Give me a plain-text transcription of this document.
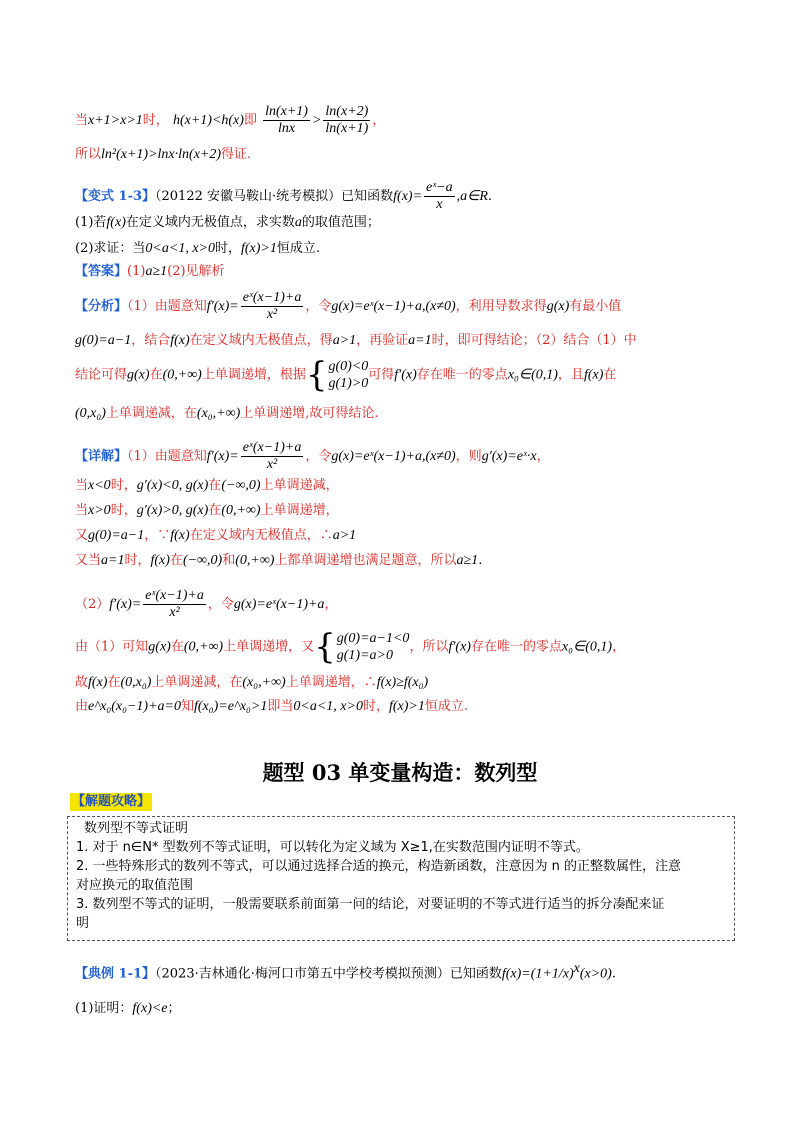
当x+1>x>1时， h(x+1)<h(x)即 $\frac{\ln(x+1)}{\ln x} > \frac{\ln(x+2)}{\ln(x+1)}$ ，
所以ln²(x+1)>lnx·ln(x+2)得证.
【变式 1-3】（20122 安徽马鞍山·统考模拟）已知函数$f(x)= \frac{\text{eˣ−a}}{x}$ ,a∈R.
(1)若f(x)在定义域内无极值点，求实数a的取值范围；
(2)求证：当0<a<1, x>0时，f(x)>1恒成立.
【答案】(1)a≥1(2)见解析
【分析】（1）由题意知$f'(x)= \frac{\text{eˣ(x−1)+a}}{\text{x²}}$ ，令g(x)=eˣ(x−1)+a,(x≠0)，利用导数求得g(x)有最小值
g(0)=a−1，结合f(x)在定义域内无极值点，得a>1，再验证a=1时，即可得结论；（2）结合（1）中
结论可得g(x)在(0,+∞)上单调递增，根据 { g(0)<0
g(1)>0
可得f′(x)存在唯一的零点x₀∈(0,1)，且f(x)在
(0,x₀)上单调递减，在(x₀,+∞)上单调递增,故可得结论.
【详解】（1）由题意知$f'(x)= \frac{\text{eˣ(x−1)+a}}{\text{x²}}$ ，令g(x)=eˣ(x−1)+a,(x≠0)，则g′(x)=eˣ·x，
当x<0时，g′(x)<0, g(x)在(−∞,0)上单调递减，
当x>0时，g′(x)>0, g(x)在(0,+∞)上单调递增，
又g(0)=a−1，∵f(x)在定义域内无极值点，∴a>1
又当a=1时，f(x)在(−∞,0)和(0,+∞)上都单调递增也满足题意，所以a≥1.
$(2)f'(x)= \frac{\text{eˣ(x−1)+a}}{\text{x²}}$ ，令g(x)=eˣ(x−1)+a，
由（1）可知g(x)在(0,+∞)上单调递增，又 { g(0)=a−1<0
g(1)=a>0
，所以f′(x)存在唯一的零点x₀∈(0,1)，
故f(x)在(0,x₀)上单调递减，在(x₀,+∞)上单调递增，∴f(x)≥f(x₀)
由e^x₀(x₀−1)+a=0知f(x₀)=e^x₀>1即当0<a<1, x>0时，f(x)>1恒成立.
题型 03 单变量构造：数列型
【解题攻略】
数列型不等式证明
1. 对于 n∈N* 型数列不等式证明，可以转化为定义域为 X≥1,在实数范围内证明不等式。
2. 一些特殊形式的数列不等式，可以通过选择合适的换元，构造新函数，注意因为 n 的正整数属性，注意
对应换元的取值范围
3. 数列型不等式的证明，一般需要联系前面第一问的结论，对要证明的不等式进行适当的拆分凑配来证
明
【典例 1-1】（2023·吉林通化·梅河口市第五中学校考模拟预测）已知函数$f(x)=(1+1/x)^x(x>0)$.
(1)证明：f(x)<e；
